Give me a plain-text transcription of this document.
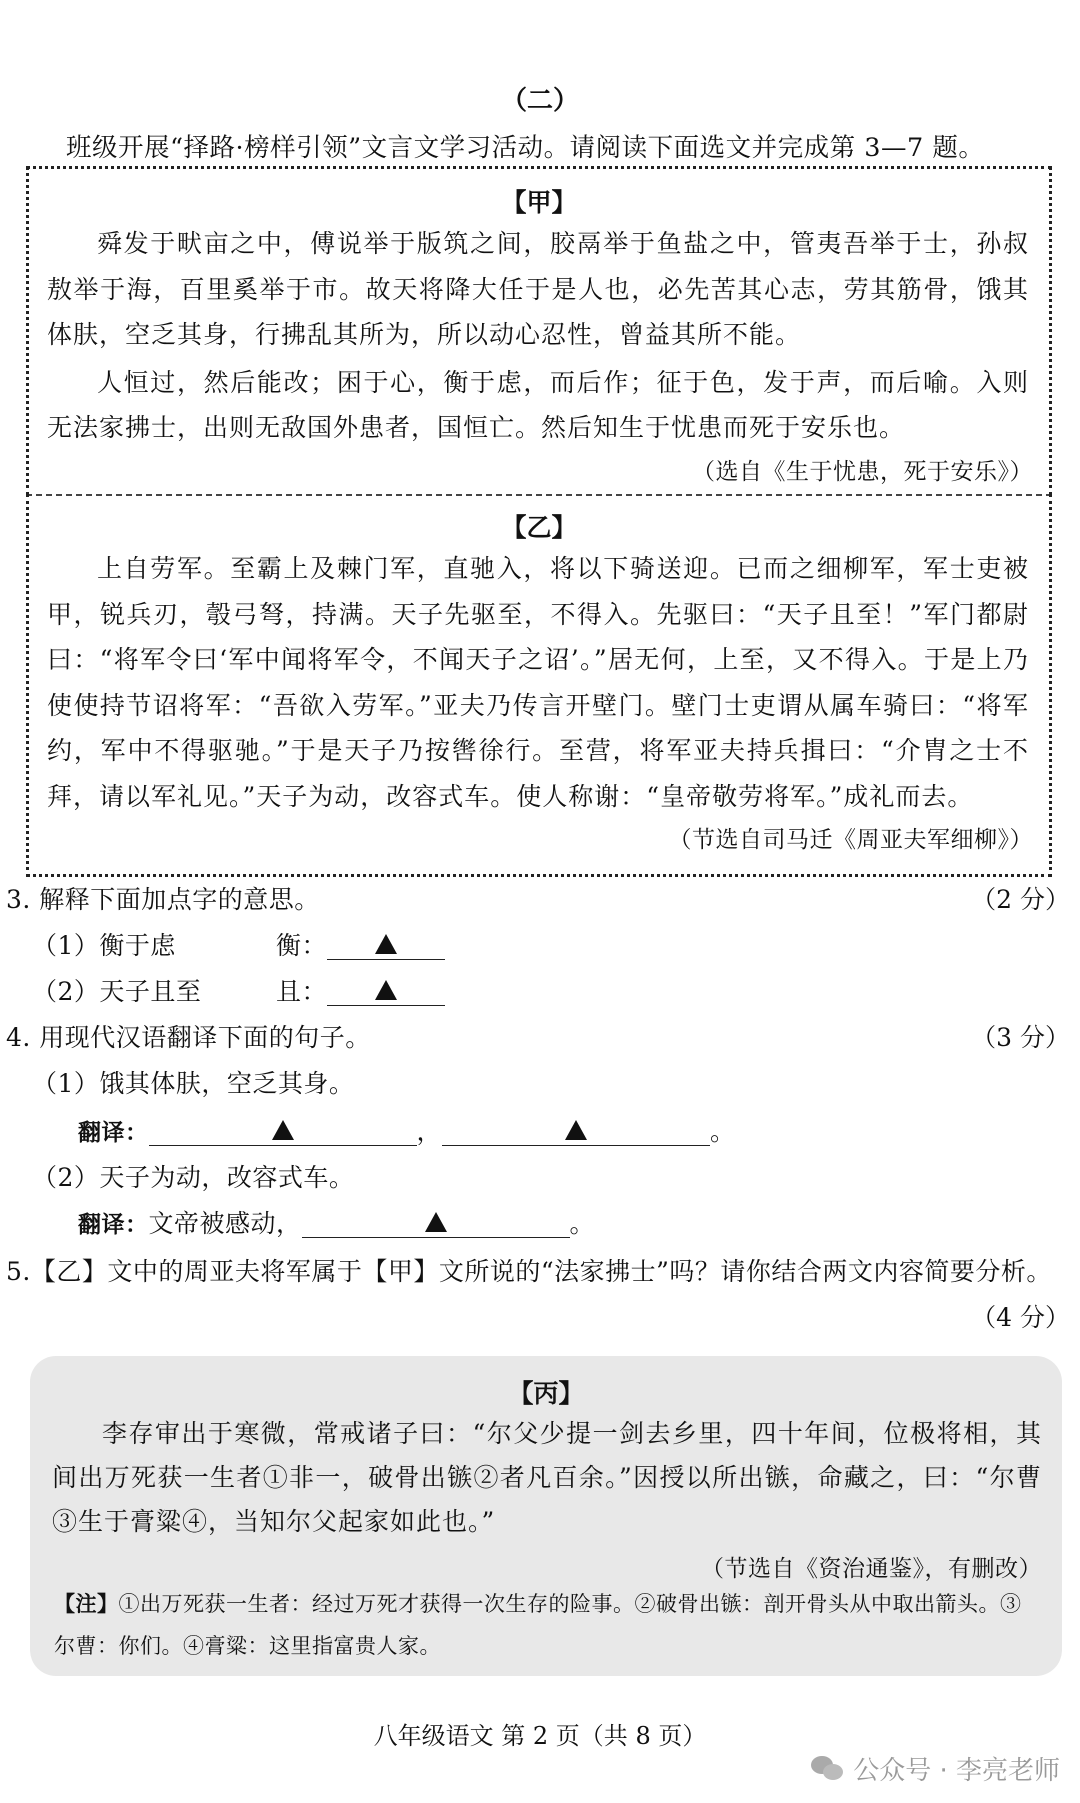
（二）
班级开展“择路·榜样引领”文言文学习活动。请阅读下面选文并完成第 3—7 题。
【甲】

舜发于畎亩之中，傅说举于版筑之间，胶鬲举于鱼盐之中，管夷吾举于士，孙叔敖举于海，百里奚举于市。故天将降大任于是人也，必先苦其心志，劳其筋骨，饿其体肤，空乏其身，行拂乱其所为，所以动心忍性，曾益其所不能。

人恒过，然后能改；困于心，衡于虑，而后作；征于色，发于声，而后喻。入则无法家拂士，出则无敌国外患者，国恒亡。然后知生于忧患而死于安乐也。

（选自《生于忧患，死于安乐》）
【乙】

上自劳军。至霸上及棘门军，直驰入，将以下骑送迎。已而之细柳军，军士吏被甲，锐兵刃，彀弓弩，持满。天子先驱至，不得入。先驱曰：“天子且至！”军门都尉曰：“将军令曰‘军中闻将军令，不闻天子之诏’。”居无何，上至，又不得入。于是上乃使使持节诏将军：“吾欲入劳军。”亚夫乃传言开壁门。壁门士吏谓从属车骑曰：“将军约，军中不得驱驰。”于是天子乃按辔徐行。至营，将军亚夫持兵揖曰：“介胄之士不拜，请以军礼见。”天子为动，改容式车。使人称谢：“皇帝敬劳将军。”成礼而去。

（节选自司马迁《周亚夫军细柳》）
3. 解释下面加点字的意思。	（2 分）
（1）衡于虑	衡：
（2）天子且至	且：
4. 用现代汉语翻译下面的句子。	（3 分）
（1）饿其体肤，空乏其身。
翻译：	，	。
（2）天子为动，改容式车。
翻译：文帝被感动，	。
5.【乙】文中的周亚夫将军属于【甲】文所说的“法家拂士”吗？请你结合两文内容简要分析。
（4 分）
【丙】

李存审出于寒微，常戒诸子曰：“尔父少提一剑去乡里，四十年间，位极将相，其间出万死获一生者①非一，破骨出镞②者凡百余。”因授以所出镞，命藏之，曰：“尔曹③生于膏粱④，当知尔父起家如此也。”

（节选自《资治通鉴》，有删改）
【注】①出万死获一生者：经过万死才获得一次生存的险事。②破骨出镞：剖开骨头从中取出箭头。③尔曹：你们。④膏粱：这里指富贵人家。
八年级语文 第 2 页（共 8 页）
公众号 · 李亮老师
